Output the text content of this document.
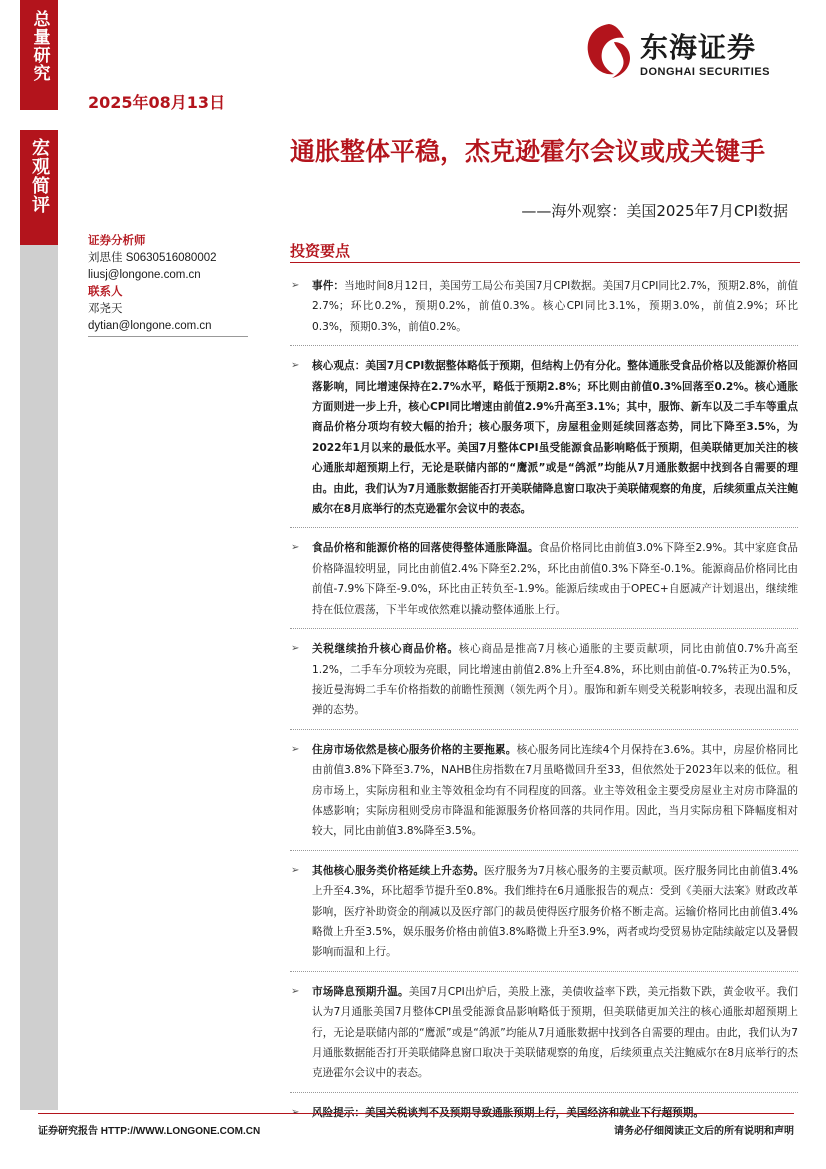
总量研究
2025年08月13日
东海证券
DONGHAI SECURITIES
宏观简评	通胀整体平稳，杰克逊霍尔会议或成关键手
——海外观察：美国2025年7月CPI数据
证券分析师
刘思佳 S0630516080002
liusj@longone.com.cn
联系人
邓尧天
dytian@longone.com.cn
投资要点
➢ 事件：当地时间8月12日，美国劳工局公布美国7月CPI数据。美国7月CPI同比2.7%，预期2.8%，前值2.7%；环比0.2%，预期0.2%，前值0.3%。核心CPI同比3.1%，预期3.0%，前值2.9%；环比0.3%，预期0.3%，前值0.2%。
➢ 核心观点：美国7月CPI数据整体略低于预期，但结构上仍有分化。整体通胀受食品价格以及能源价格回落影响，同比增速保持在2.7%水平，略低于预期2.8%；环比则由前值0.3%回落至0.2%。核心通胀方面则进一步上升，核心CPI同比增速由前值2.9%升高至3.1%；其中，服饰、新车以及二手车等重点商品价格分项均有较大幅的抬升；核心服务项下，房屋租金则延续回落态势，同比下降至3.5%，为2022年1月以来的最低水平。美国7月整体CPI虽受能源食品影响略低于预期，但美联储更加关注的核心通胀却超预期上行，无论是联储内部的“鹰派”或是“鸽派”均能从7月通胀数据中找到各自需要的理由。由此，我们认为7月通胀数据能否打开美联储降息窗口取决于美联储观察的角度，后续须重点关注鲍威尔在8月底举行的杰克逊霍尔会议中的表态。
➢ 食品价格和能源价格的回落使得整体通胀降温。食品价格同比由前值3.0%下降至2.9%。其中家庭食品价格降温较明显，同比由前值2.4%下降至2.2%，环比由前值0.3%下降至-0.1%。能源商品价格同比由前值-7.9%下降至-9.0%，环比由正转负至-1.9%。能源后续或由于OPEC+自愿减产计划退出，继续维持在低位震荡，下半年或依然难以撬动整体通胀上行。
➢ 关税继续抬升核心商品价格。核心商品是推高7月核心通胀的主要贡献项，同比由前值0.7%升高至1.2%，二手车分项较为亮眼，同比增速由前值2.8%上升至4.8%，环比则由前值-0.7%转正为0.5%，接近曼海姆二手车价格指数的前瞻性预测（领先两个月）。服饰和新车则受关税影响较多，表现出温和反弹的态势。
➢ 住房市场依然是核心服务价格的主要拖累。核心服务同比连续4个月保持在3.6%。其中，房屋价格同比由前值3.8%下降至3.7%，NAHB住房指数在7月虽略微回升至33，但依然处于2023年以来的低位。租房市场上，实际房租和业主等效租金均有不同程度的回落。业主等效租金主要受房屋业主对房市降温的体感影响；实际房租则受房市降温和能源服务价格回落的共同作用。因此，当月实际房租下降幅度相对较大，同比由前值3.8%降至3.5%。
➢ 其他核心服务类价格延续上升态势。医疗服务为7月核心服务的主要贡献项。医疗服务同比由前值3.4%上升至4.3%，环比超季节提升至0.8%。我们维持在6月通胀报告的观点：受到《美丽大法案》财政改革影响，医疗补助资金的削减以及医疗部门的裁员使得医疗服务价格不断走高。运输价格同比由前值3.4%略微上升至3.5%，娱乐服务价格由前值3.8%略微上升至3.9%，两者或均受贸易协定陆续敲定以及暑假影响而温和上行。
➢ 市场降息预期升温。美国7月CPI出炉后，美股上涨，美债收益率下跌，美元指数下跌，黄金收平。我们认为7月通胀美国7月整体CPI虽受能源食品影响略低于预期，但美联储更加关注的核心通胀却超预期上行，无论是联储内部的“鹰派”或是“鸽派”均能从7月通胀数据中找到各自需要的理由。由此，我们认为7月通胀数据能否打开美联储降息窗口取决于美联储观察的角度，后续须重点关注鲍威尔在8月底举行的杰克逊霍尔会议中的表态。
➢ 风险提示：美国关税谈判不及预期导致通胀预期上行，美国经济和就业下行超预期。
证券研究报告 HTTP://WWW.LONGONE.COM.CN	请务必仔细阅读正文后的所有说明和声明
